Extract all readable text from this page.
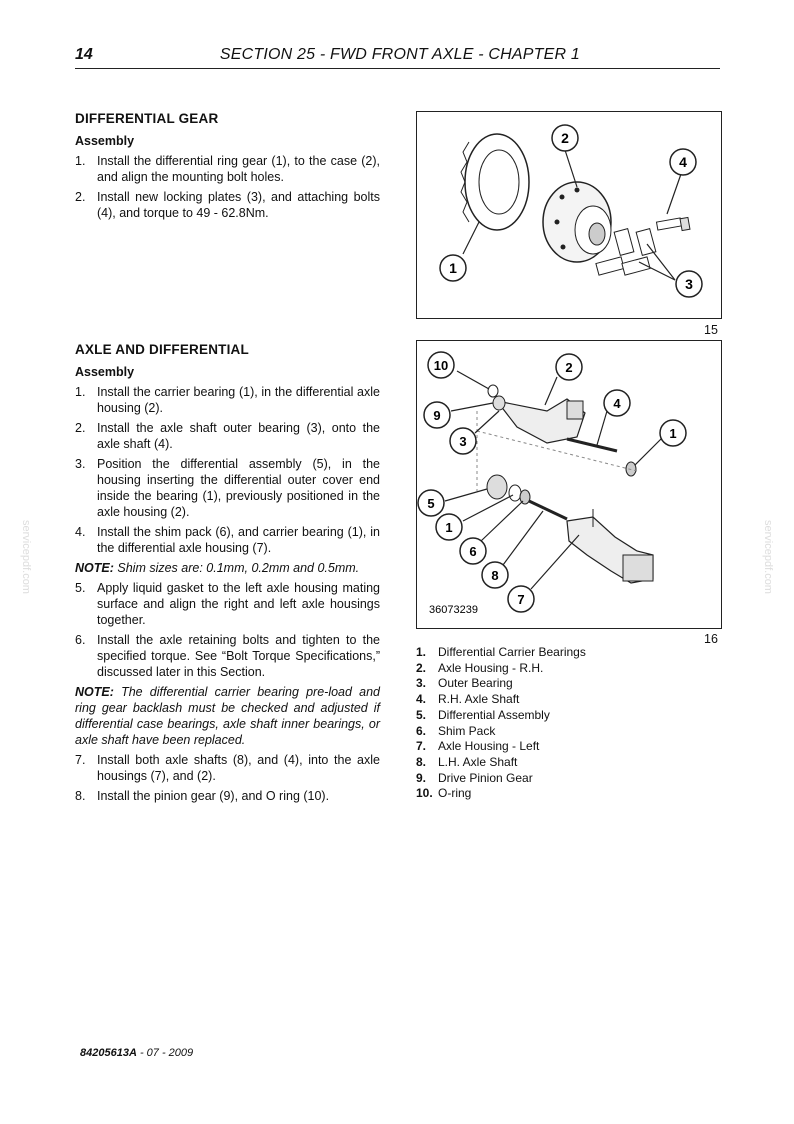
14	SECTION 25 - FWD FRONT AXLE - CHAPTER 1
servicepdf.com	servicepdf.com
DIFFERENTIAL GEAR
Assembly
1. Install the differential ring gear (1), to the case (2), and align the mounting bolt holes.
2. Install new locking plates (3), and attaching bolts (4), and torque to 49 - 62.8Nm.
AXLE AND DIFFERENTIAL
Assembly
1. Install the carrier bearing (1), in the differential axle housing (2).
2. Install the axle shaft outer bearing (3), onto the axle shaft (4).
3. Position the differential assembly (5), in the housing inserting the differential outer cover end inside the bearing (1), previously positioned in the axle housing (2).
4. Install the shim pack (6), and carrier bearing (1), in the differential axle housing (7).
NOTE: Shim sizes are: 0.1mm, 0.2mm and 0.5mm.
5. Apply liquid gasket to the left axle housing mating surface and align the right and left axle housings together.
6. Install the axle retaining bolts and tighten to the specified torque. See “Bolt Torque Specifications,” discussed later in this Section.
NOTE: The differential carrier bearing pre-load and ring gear backlash must be checked and adjusted if differential case bearings, axle shaft inner bearings, or axle shaft have been replaced.
7. Install both axle shafts (8), and (4), into the axle housings (7), and (2).
8. Install the pinion gear (9), and O ring (10).
1
2
3
4
15
10
9
3
2
4
1
5
1
6
8
7
36073239
16
1. Differential Carrier Bearings
2. Axle Housing - R.H.
3. Outer Bearing
4. R.H. Axle Shaft
5. Differential Assembly
6. Shim Pack
7. Axle Housing - Left
8. L.H. Axle Shaft
9. Drive Pinion Gear
10. O-ring
84205613A - 07 - 2009
